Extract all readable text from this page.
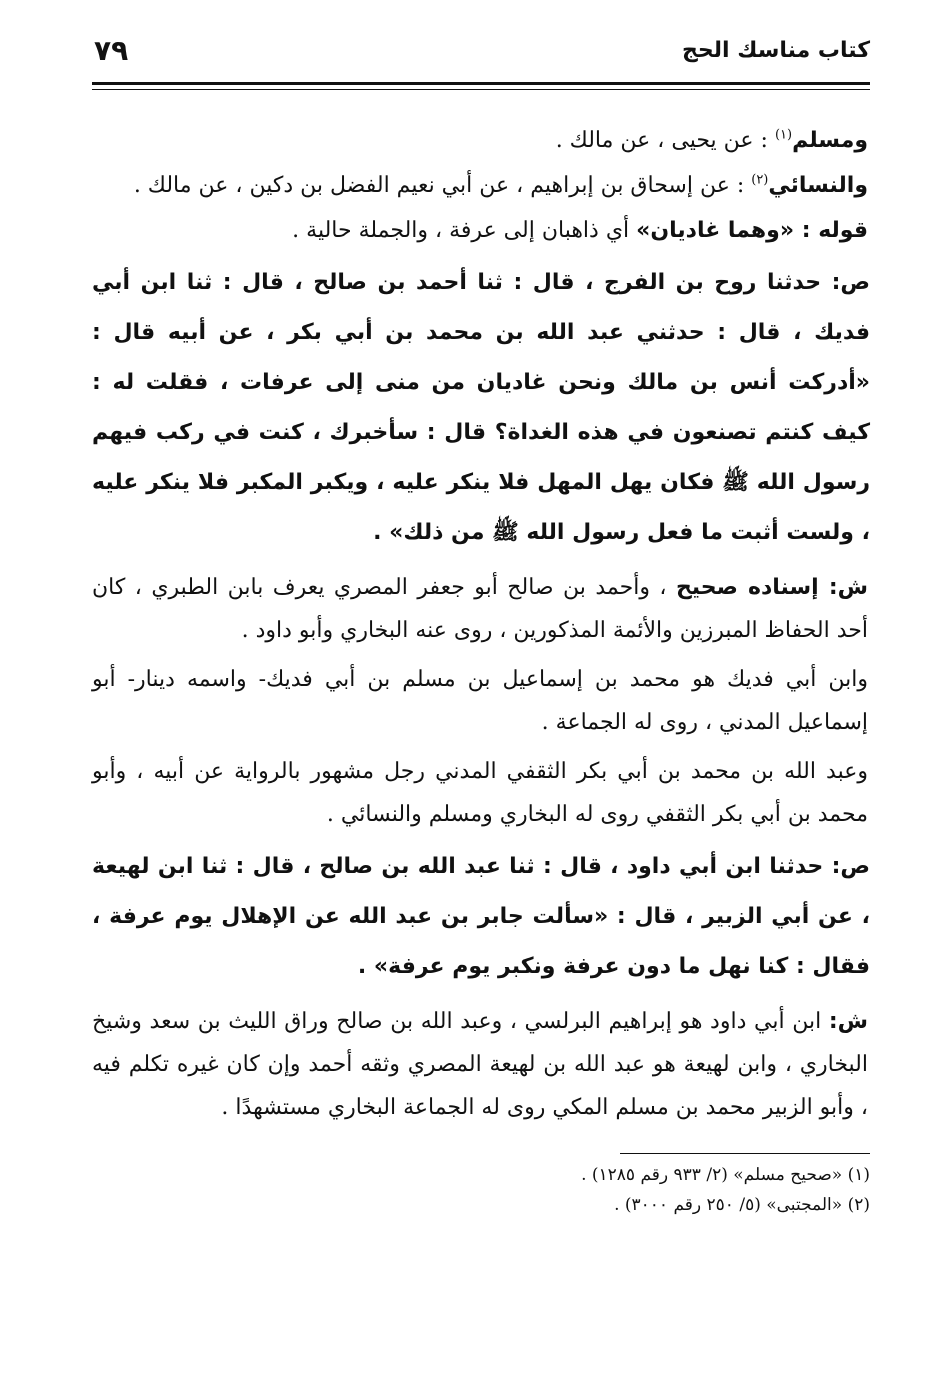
كتاب مناسك الحج
٧٩

ومسلم$^{(١)}$ : عن يحيى ، عن مالك .

والنسائي$^{(٢)}$ : عن إسحاق بن إبراهيم ، عن أبي نعيم الفضل بن دكين ، عن مالك .

قوله : «وهما غاديان» أي ذاهبان إلى عرفة ، والجملة حالية .

ص: حدثنا روح بن الفرج ، قال : ثنا أحمد بن صالح ، قال : ثنا ابن أبي فديك ، قال : حدثني عبد الله بن محمد بن أبي بكر ، عن أبيه قال : «أدركت أنس بن مالك ونحن غاديان من منى إلى عرفات ، فقلت له : كيف كنتم تصنعون في هذه الغداة؟ قال : سأخبرك ، كنت في ركب فيهم رسول الله ﷺ فكان يهل المهل فلا ينكر عليه ، ويكبر المكبر فلا ينكر عليه ، ولست أثبت ما فعل رسول الله ﷺ من ذلك» .

ش: إسناده صحيح ، وأحمد بن صالح أبو جعفر المصري يعرف بابن الطبري ، كان أحد الحفاظ المبرزين والأئمة المذكورين ، روى عنه البخاري وأبو داود .

وابن أبي فديك هو محمد بن إسماعيل بن مسلم بن أبي فديك- واسمه دينار- أبو إسماعيل المدني ، روى له الجماعة .

وعبد الله بن محمد بن أبي بكر الثقفي المدني رجل مشهور بالرواية عن أبيه ، وأبو محمد بن أبي بكر الثقفي روى له البخاري ومسلم والنسائي .

ص: حدثنا ابن أبي داود ، قال : ثنا عبد الله بن صالح ، قال : ثنا ابن لهيعة ، عن أبي الزبير ، قال : «سألت جابر بن عبد الله عن الإهلال يوم عرفة ، فقال : كنا نهل ما دون عرفة ونكبر يوم عرفة» .

ش: ابن أبي داود هو إبراهيم البرلسي ، وعبد الله بن صالح وراق الليث بن سعد وشيخ البخاري ، وابن لهيعة هو عبد الله بن لهيعة المصري وثقه أحمد وإن كان غيره تكلم فيه ، وأبو الزبير محمد بن مسلم المكي روى له الجماعة البخاري مستشهدًا .

(١) «صحيح مسلم» (٢/ ٩٣٣ رقم ١٢٨٥) .

(٢) «المجتبى» (٥/ ٢٥٠ رقم ٣٠٠٠) .
